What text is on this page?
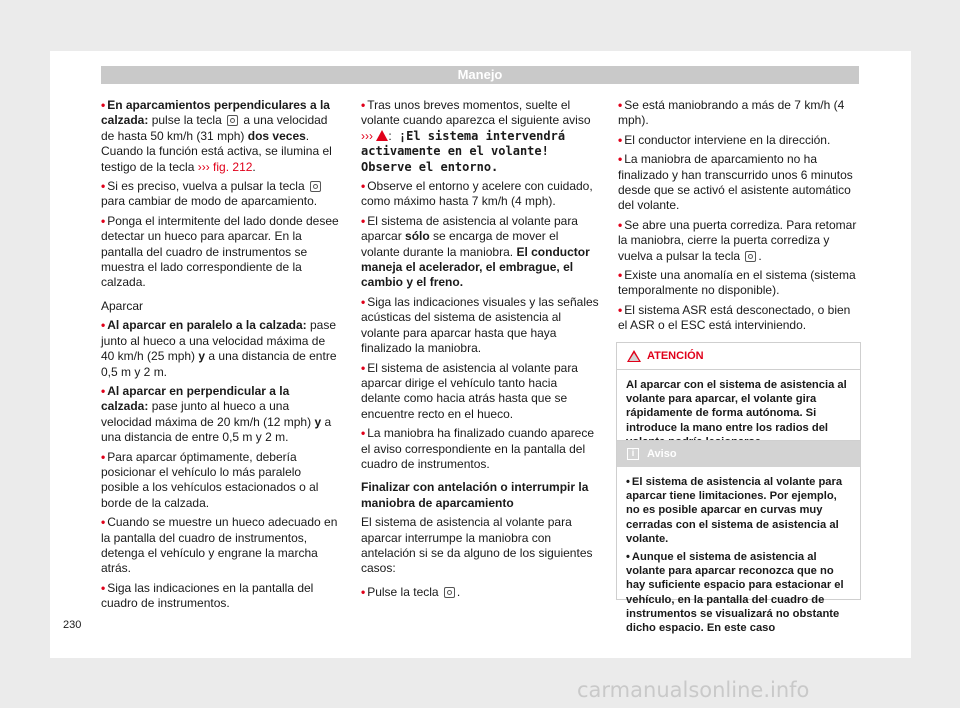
Manejo

• En aparcamientos perpendiculares a la calzada: pulse la tecla  a una velocidad de hasta 50 km/h (31 mph) dos veces. Cuando la función está activa, se ilumina el testigo de la tecla ››› fig. 212.

• Si es preciso, vuelva a pulsar la tecla  para cambiar de modo de aparcamiento.

• Ponga el intermitente del lado donde desee detectar un hueco para aparcar. En la pantalla del cuadro de instrumentos se muestra el lado correspondiente de la calzada.

Aparcar

• Al aparcar en paralelo a la calzada: pase junto al hueco a una velocidad máxima de 40 km/h (25 mph) y a una distancia de entre 0,5 m y 2 m.

• Al aparcar en perpendicular a la calzada: pase junto al hueco a una velocidad máxima de 20 km/h (12 mph) y a una distancia de entre 0,5 m y 2 m.

• Para aparcar óptimamente, debería posicionar el vehículo lo más paralelo posible a los vehículos estacionados o al borde de la calzada.

• Cuando se muestre un hueco adecuado en la pantalla del cuadro de instrumentos, detenga el vehículo y engrane la marcha atrás.

• Siga las indicaciones en la pantalla del cuadro de instrumentos.

• Tras unos breves momentos, suelte el volante cuando aparezca el siguiente aviso ››› : ¡El sistema intervendrá activamente en el volante! Observe el entorno.

• Observe el entorno y acelere con cuidado, como máximo hasta 7 km/h (4 mph).

• El sistema de asistencia al volante para aparcar sólo se encarga de mover el volante durante la maniobra. El conductor maneja el acelerador, el embrague, el cambio y el freno.

• Siga las indicaciones visuales y las señales acústicas del sistema de asistencia al volante para aparcar hasta que haya finalizado la maniobra.

• El sistema de asistencia al volante para aparcar dirige el vehículo tanto hacia delante como hacia atrás hasta que se encuentre recto en el hueco.

• La maniobra ha finalizado cuando aparece el aviso correspondiente en la pantalla del cuadro de instrumentos.

Finalizar con antelación o interrumpir la maniobra de aparcamiento

El sistema de asistencia al volante para aparcar interrumpe la maniobra con antelación si se da alguno de los siguientes casos:

• Pulse la tecla .

• Se está maniobrando a más de 7 km/h (4 mph).

• El conductor interviene en la dirección.

• La maniobra de aparcamiento no ha finalizado y han transcurrido unos 6 minutos desde que se activó el asistente automático del volante.

• Se abre una puerta corrediza. Para retomar la maniobra, cierre la puerta corrediza y vuelva a pulsar la tecla .

• Existe una anomalía en el sistema (sistema temporalmente no disponible).

• El sistema ASR está desconectado, o bien el ASR o el ESC está interviniendo.

ATENCIÓN

Al aparcar con el sistema de asistencia al volante para aparcar, el volante gira rápidamente de forma autónoma. Si introduce la mano entre los radios del

i	Aviso

• El sistema de asistencia al volante para aparcar tiene limitaciones. Por ejemplo, no es posible aparcar en curvas muy cerradas con el sistema de asistencia al volante.

• Aunque el sistema de asistencia al volante para aparcar reconozca que no hay suficiente espacio para estacionar el vehículo, en la pantalla del cuadro de instrumentos se visualizará no obstante dicho espacio. En este caso

230
carmanualsonline.info
